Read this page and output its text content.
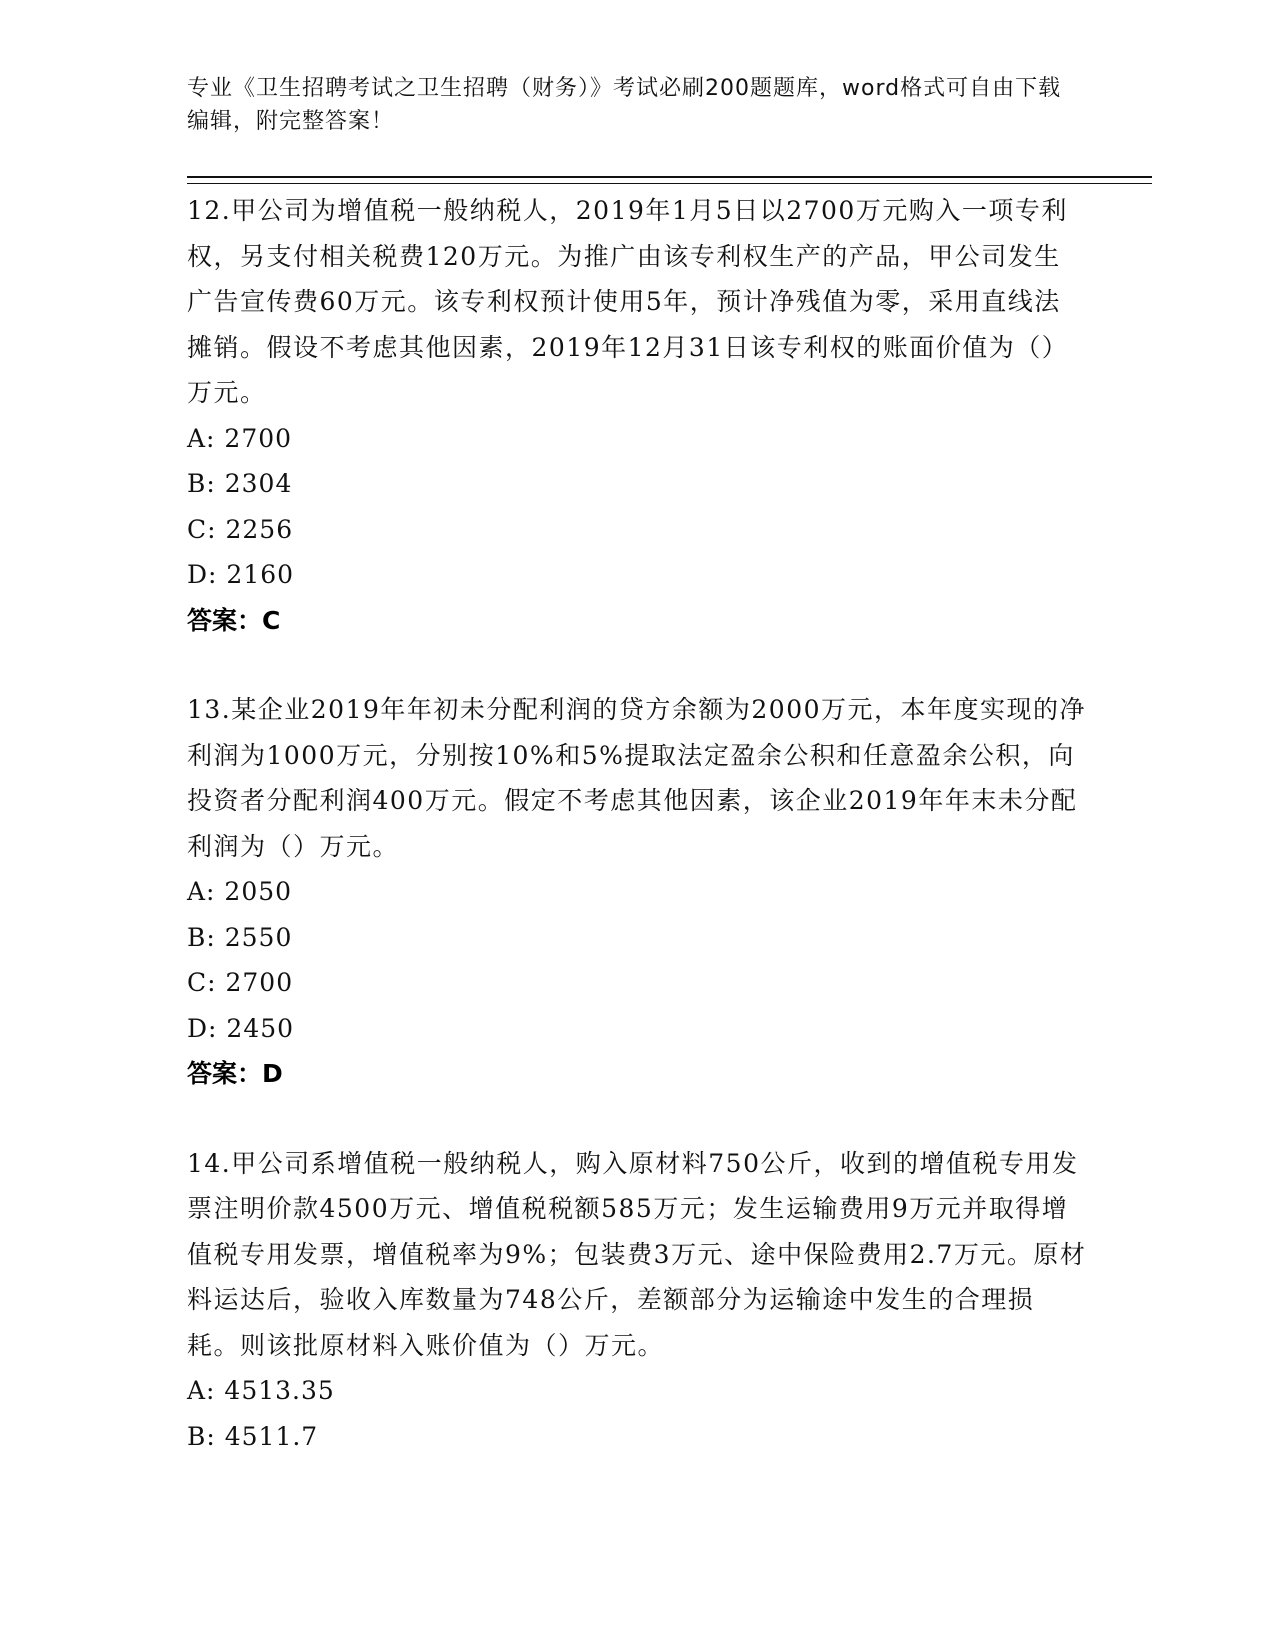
专业《卫生招聘考试之卫生招聘（财务）》考试必刷200题题库，word格式可自由下载编辑，附完整答案！

12.甲公司为增值税一般纳税人，2019年1月5日以2700万元购入一项专利权，另支付相关税费120万元。为推广由该专利权生产的产品，甲公司发生广告宣传费60万元。该专利权预计使用5年，预计净残值为零，采用直线法摊销。假设不考虑其他因素，2019年12月31日该专利权的账面价值为（）万元。

A: 2700
B: 2304
C: 2256
D: 2160
答案：C

13.某企业2019年年初未分配利润的贷方余额为2000万元，本年度实现的净利润为1000万元，分别按10%和5%提取法定盈余公积和任意盈余公积，向投资者分配利润400万元。假定不考虑其他因素，该企业2019年年末未分配利润为（）万元。

A: 2050
B: 2550
C: 2700
D: 2450
答案：D

14.甲公司系增值税一般纳税人，购入原材料750公斤，收到的增值税专用发票注明价款4500万元、增值税税额585万元；发生运输费用9万元并取得增值税专用发票，增值税率为9%；包装费3万元、途中保险费用2.7万元。原材料运达后，验收入库数量为748公斤，差额部分为运输途中发生的合理损耗。则该批原材料入账价值为（）万元。

A: 4513.35
B: 4511.7
